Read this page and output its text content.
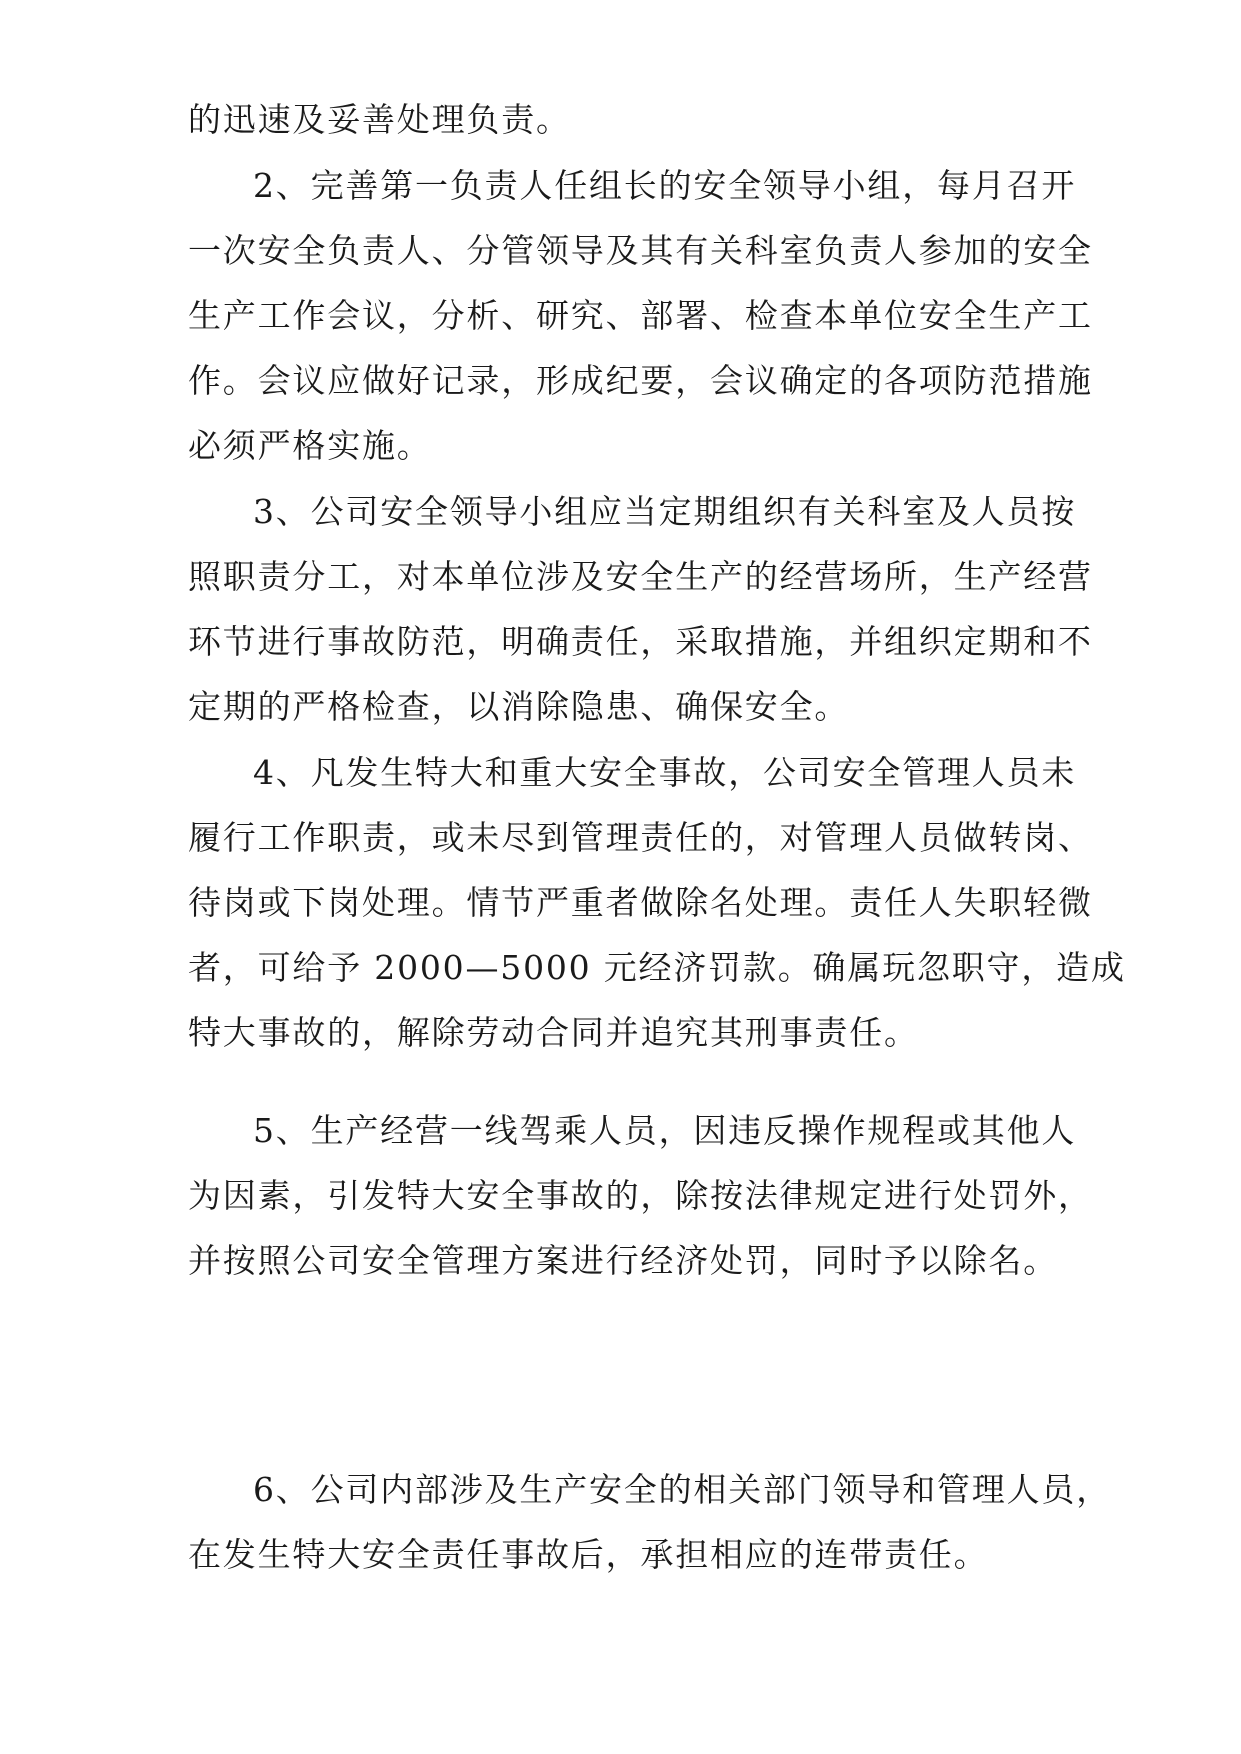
的迅速及妥善处理负责。
2、完善第一负责人任组长的安全领导小组，每月召开
一次安全负责人、分管领导及其有关科室负责人参加的安全
生产工作会议，分析、研究、部署、检查本单位安全生产工
作。会议应做好记录，形成纪要，会议确定的各项防范措施
必须严格实施。
3、公司安全领导小组应当定期组织有关科室及人员按
照职责分工，对本单位涉及安全生产的经营场所，生产经营
环节进行事故防范，明确责任，采取措施，并组织定期和不
定期的严格检查，以消除隐患、确保安全。
4、凡发生特大和重大安全事故，公司安全管理人员未
履行工作职责，或未尽到管理责任的，对管理人员做转岗、
待岗或下岗处理。情节严重者做除名处理。责任人失职轻微
者，可给予 2000—5000 元经济罚款。确属玩忽职守，造成
特大事故的，解除劳动合同并追究其刑事责任。
5、生产经营一线驾乘人员，因违反操作规程或其他人
为因素，引发特大安全事故的，除按法律规定进行处罚外，
并按照公司安全管理方案进行经济处罚，同时予以除名。
6、公司内部涉及生产安全的相关部门领导和管理人员，
在发生特大安全责任事故后，承担相应的连带责任。
